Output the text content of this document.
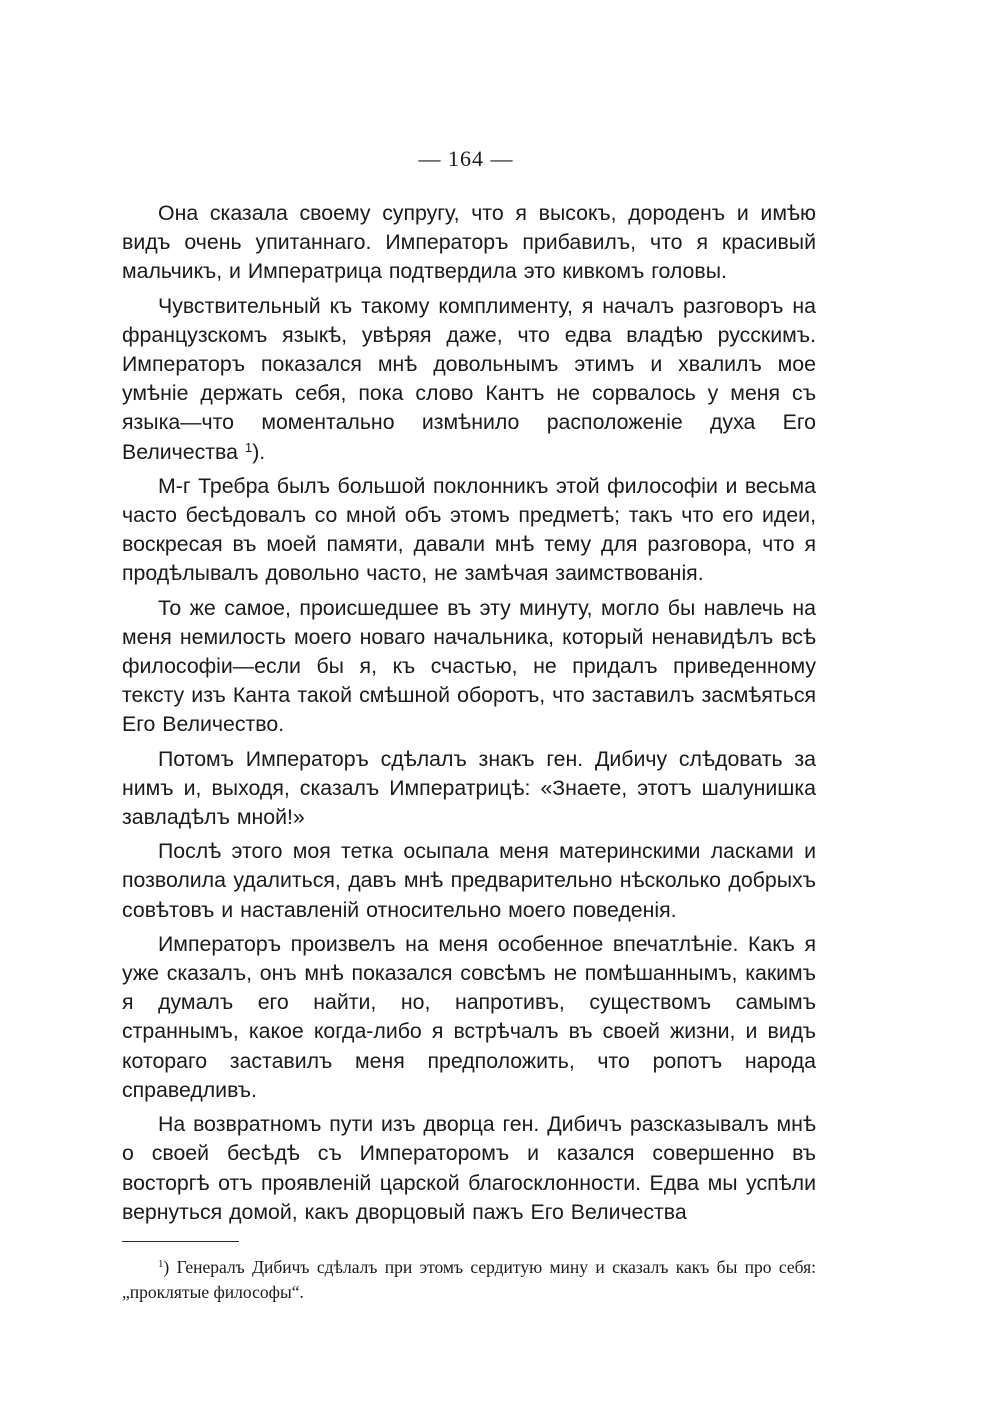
— 164 —

Она сказала своему супругу, что я высокъ, дороденъ и имѣю видъ очень упитаннаго. Императоръ прибавилъ, что я красивый мальчикъ, и Императрица подтвердила это кивкомъ головы.

Чувствительный къ такому комплименту, я началъ разговоръ на французскомъ языкѣ, увѣряя даже, что едва владѣю русскимъ. Императоръ показался мнѣ довольнымъ этимъ и хвалилъ мое умѣніе держать себя, пока слово Кантъ не сорвалось у меня съ языка—что моментально измѣнило расположеніе духа Его Величества $^1$).

М-г Требра былъ большой поклонникъ этой философіи и весьма часто бесѣдовалъ со мной объ этомъ предметѣ; такъ что его идеи, воскресая въ моей памяти, давали мнѣ тему для разговора, что я продѣлывалъ довольно часто, не замѣчая заимствованія.

То же самое, происшедшее въ эту минуту, могло бы навлечь на меня немилость моего новаго начальника, который ненавидѣлъ всѣ философіи—если бы я, къ счастью, не придалъ приведенному тексту изъ Канта такой смѣшной оборотъ, что заставилъ засмѣяться Его Величество.

Потомъ Императоръ сдѣлалъ знакъ ген. Дибичу слѣдовать за нимъ и, выходя, сказалъ Императрицѣ: «Знаете, этотъ шалунишка завладѣлъ мной!»

Послѣ этого моя тетка осыпала меня материнскими ласками и позволила удалиться, давъ мнѣ предварительно нѣсколько добрыхъ совѣтовъ и наставленій относительно моего поведенія.

Императоръ произвелъ на меня особенное впечатлѣніе. Какъ я уже сказалъ, онъ мнѣ показался совсѣмъ не помѣшаннымъ, какимъ я думалъ его найти, но, напротивъ, существомъ самымъ страннымъ, какое когда-либо я встрѣчалъ въ своей жизни, и видъ котораго заставилъ меня предположить, что ропотъ народа справедливъ.

На возвратномъ пути изъ дворца ген. Дибичъ разсказывалъ мнѣ о своей бесѣдѣ съ Императоромъ и казался совершенно въ восторгѣ отъ проявленій царской благосклонности. Едва мы успѣли вернуться домой, какъ дворцовый пажъ Его Величества

$^1$) Генералъ Дибичъ сдѣлалъ при этомъ сердитую мину и сказалъ какъ бы про себя: „проклятые философы“.
